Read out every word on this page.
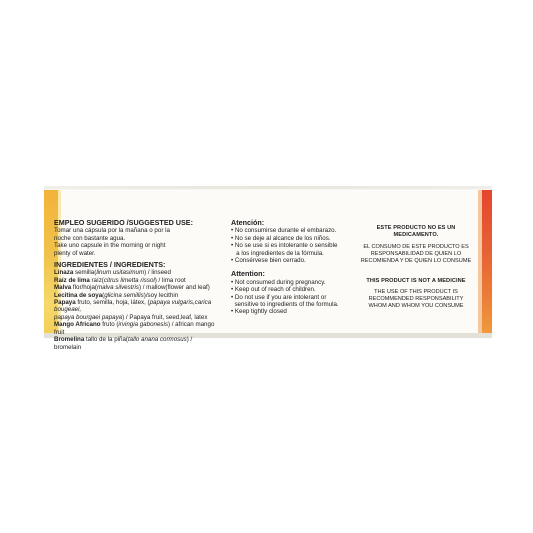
EMPLEO SUGERIDO /SUGGESTED USE:
Tomar una cápsula por la mañana o por la
noche con bastante agua.
Take uno capsule in the morning or night
plenty of water.
INGREDIENTES / INGREDIENTS:
Linaza semilla(linum usitasimum) / linseed
Raíz de lima raíz(citrus limetta rissol) / lima root
Malva flor/hoja(malva silvestris) / mallow(flower and leaf)
Lecitina de soya(glicina semillis)/soy lecithin
Papaya fruto, semilla, hoja, látex, (papaya vulgaris,carica bougeaei,
papaya bourgaei papaya) / Papaya fruit, seed,leaf, latex
Mango Africano fruto (irvingia gabonesis) / african mango fruit
Bromelina tallo de la piña(tallo anana cormosus) / bromelain
Atención:
• No consumirse durante el embarazo.
• No se deje al alcance de los niños.
• No se use si es intolerante o sensible
a los ingredientes de la fórmula.
• Consérvese bien cerrado.
Attention:
• Not consumed during pregnancy.
• Keep out of reach of children.
• Do not use if you are intolerant or
sensitive to ingredients of the formula.
• Keep tightly closed
ESTE PRODUCTO NO ES UN MEDICAMENTO.
EL CONSUMO DE ESTE PRODUCTO ES
RESPONSABILIDAD DE QUIEN LO
RECOMIENDA Y DE QUIEN LO CONSUME
THIS PRODUCT IS NOT A MEDICINE
THE USE OF THIS PRODUCT IS
RECOMMENDED RESPONSABILITY
WHOM AND WHOM YOU CONSUME
